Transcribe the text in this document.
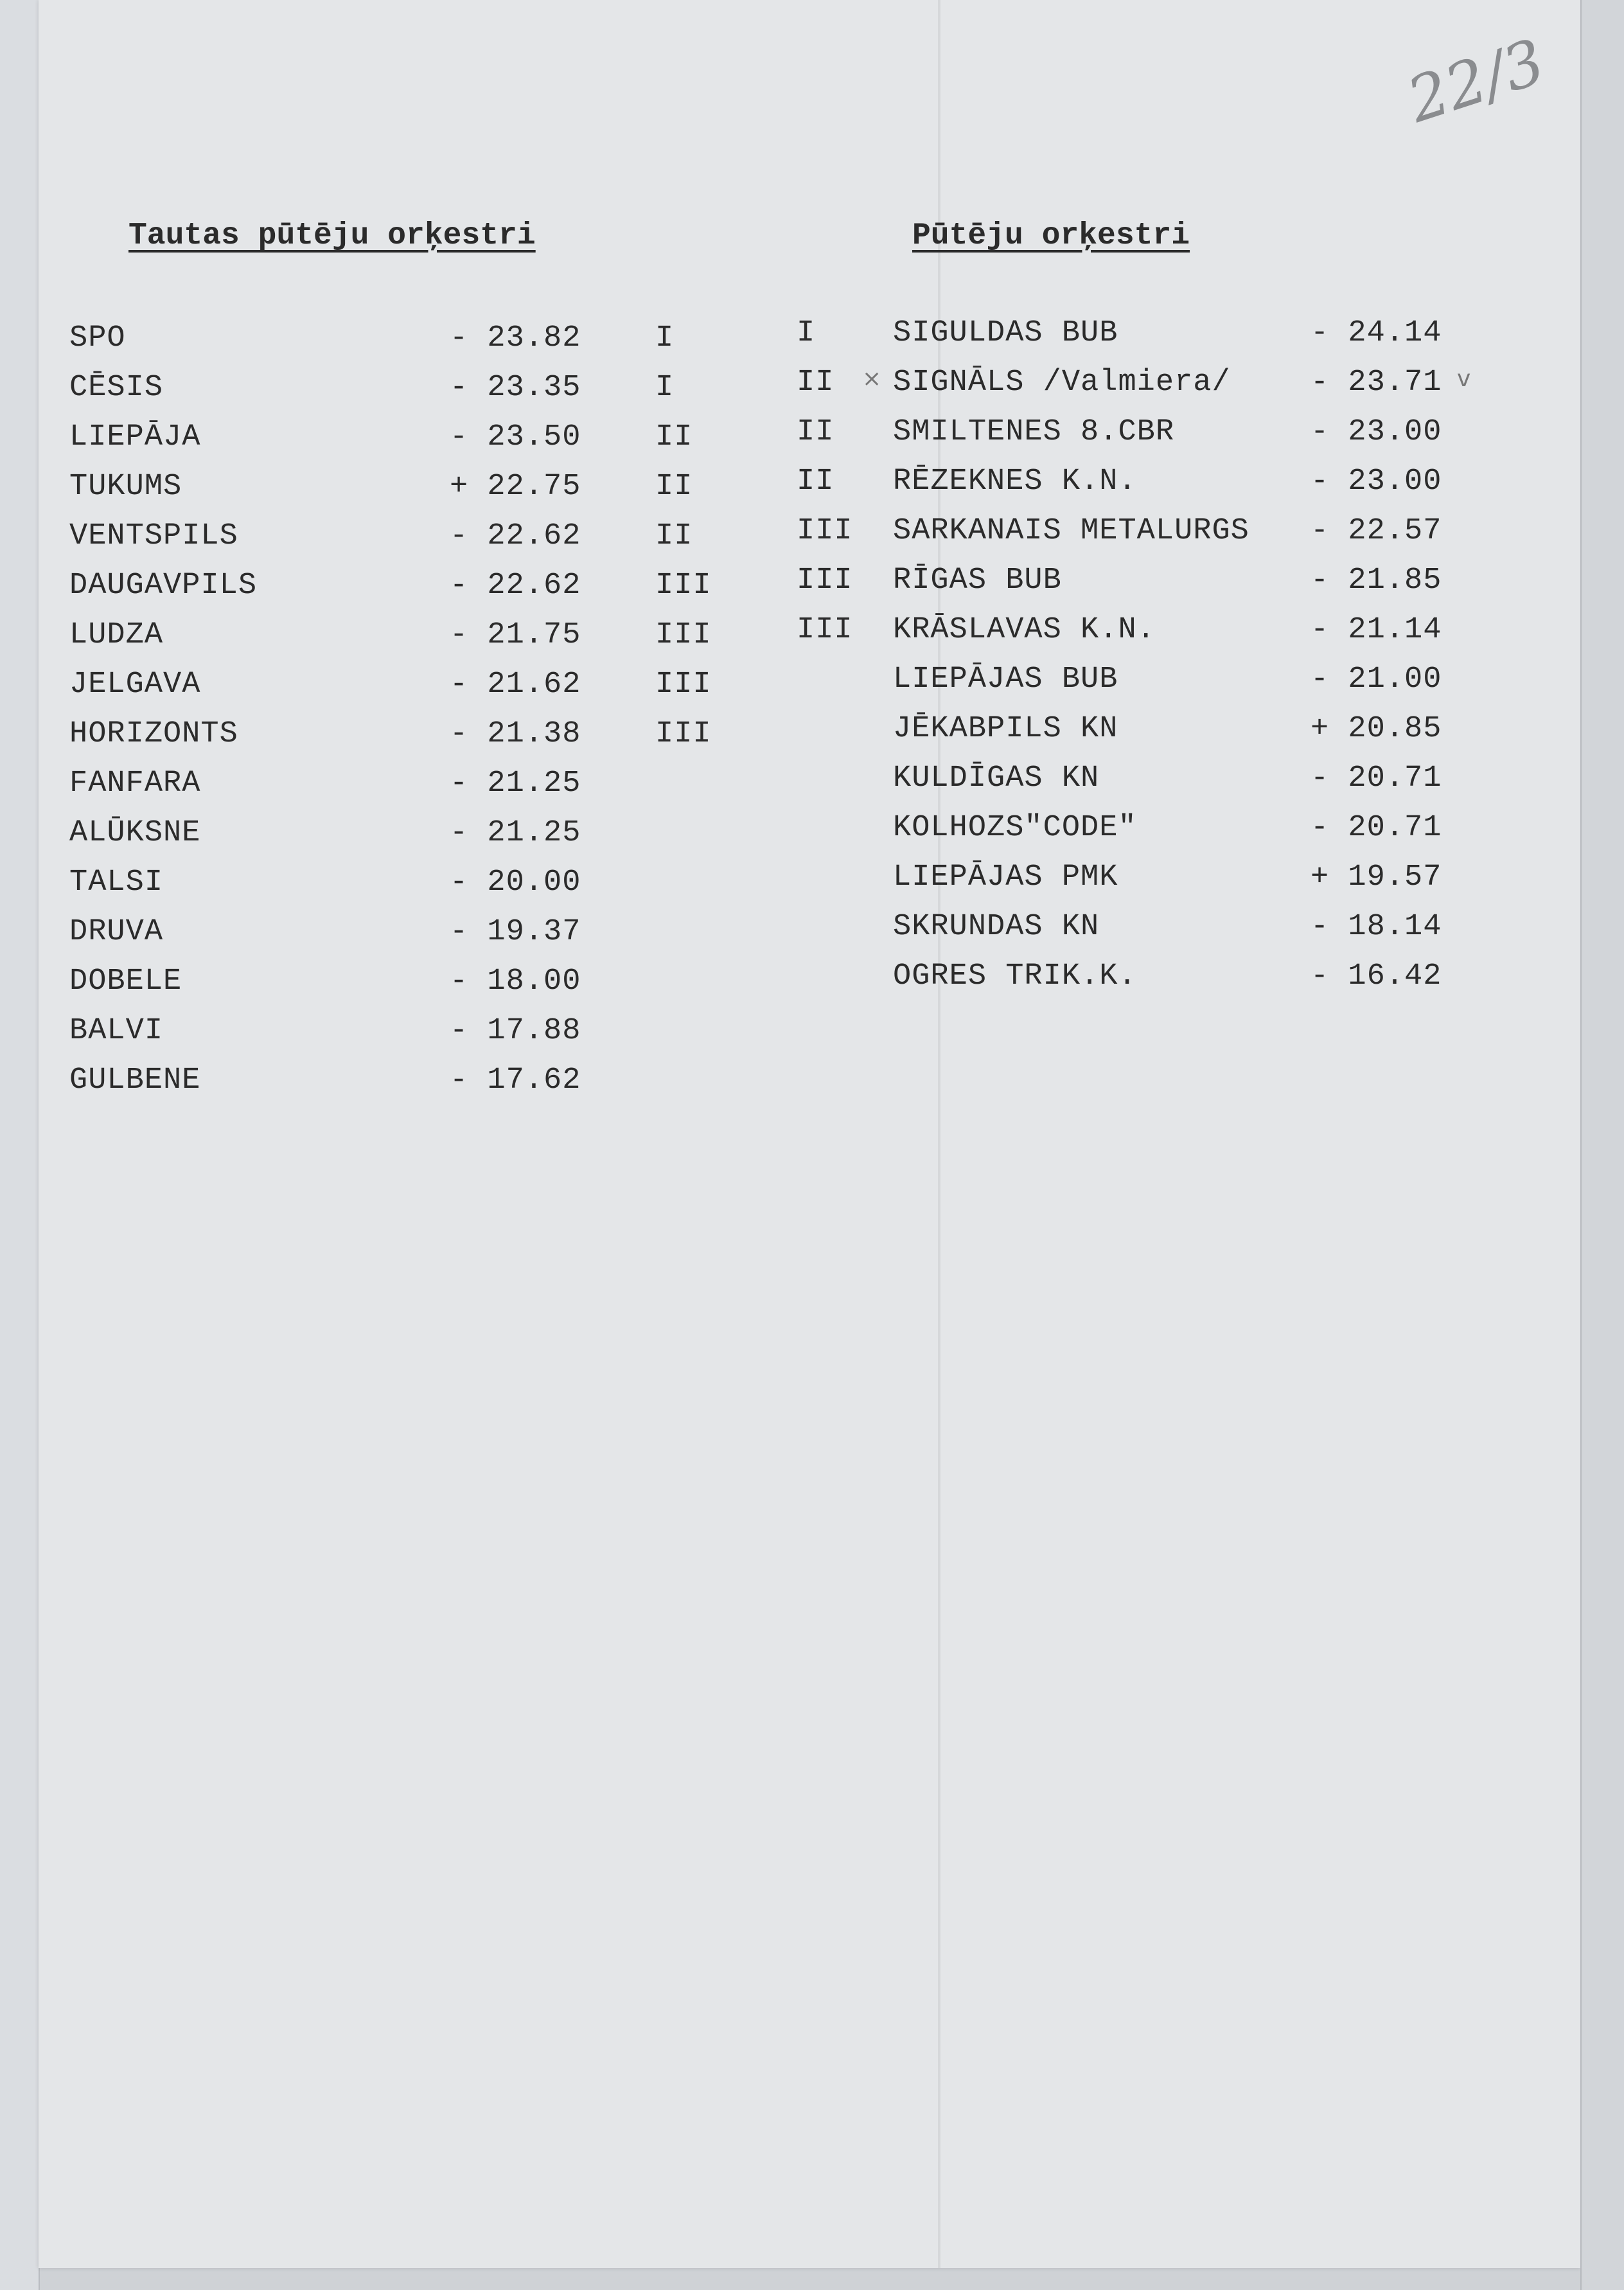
22/3
Tautas pūtēju orķestri	Pūtēju orķestri
SPO	- 23.82 I
CĒSIS	- 23.35 I
LIEPĀJA	- 23.50 II
TUKUMS	+ 22.75 II
VENTSPILS	- 22.62 II
DAUGAVPILS	- 22.62 III
LUDZA	- 21.75 III
JELGAVA	- 21.62 III
HORIZONTS	- 21.38 III
FANFARA	- 21.25
ALŪKSNE	- 21.25
TALSI	- 20.00
DRUVA	- 19.37
DOBELE	- 18.00
BALVI	- 17.88
GULBENE	- 17.62
I	SIGULDAS BUB	- 24.14
II × SIGNĀLS /Valmiera/	- 23.71 v
II SMILTENES 8.CBR	- 23.00
II RĒZEKNES K.N.	- 23.00
III SARKANAIS METALURGS - 22.57
III RĪGAS BUB	- 21.85
III KRĀSLAVAS K.N.	- 21.14
LIEPĀJAS BUB	- 21.00
JĒKABPILS KN	+ 20.85
KULDĪGAS KN	- 20.71
KOLHOZS"CODE"	- 20.71
LIEPĀJAS PMK	+ 19.57
SKRUNDAS KN	- 18.14
OGRES TRIK.K.	- 16.42
